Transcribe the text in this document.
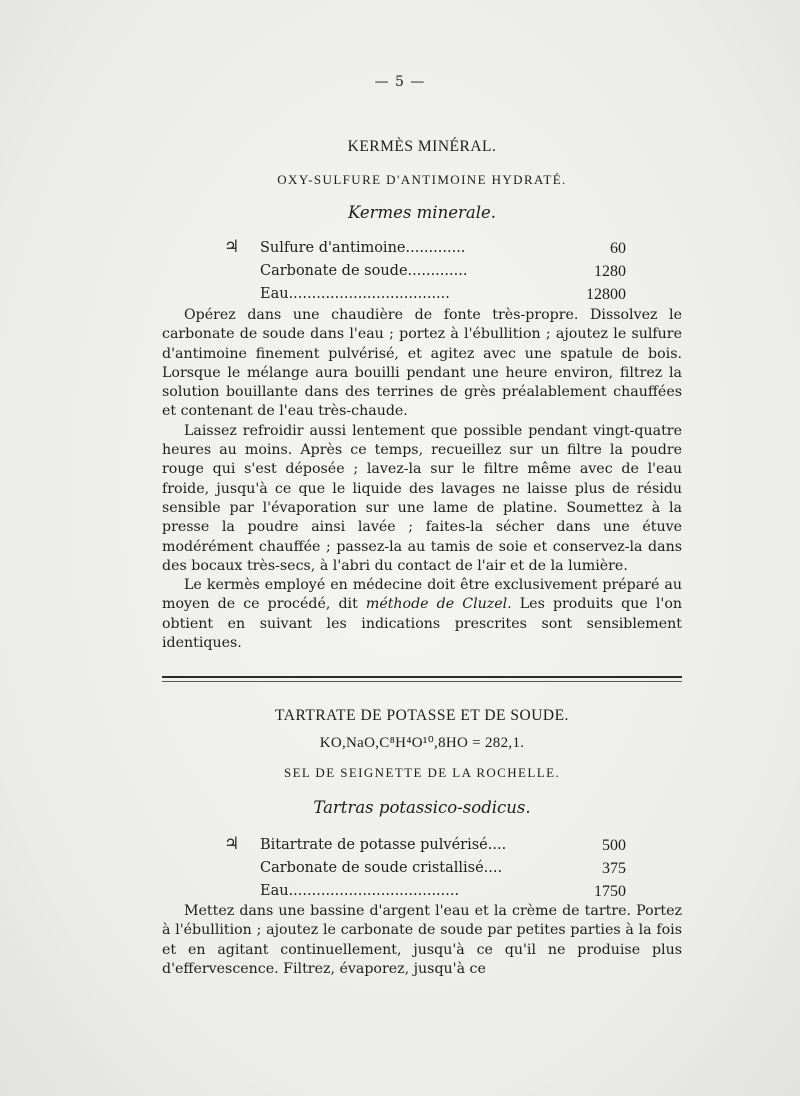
— 5 —
KERMÈS MINÉRAL.
OXY-SULFURE D'ANTIMOINE HYDRATÉ.
Kermes minerale.
♃ Sulfure d'antimoine.............	60
Carbonate de soude.............	1280
Eau...................................	12800

Opérez dans une chaudière de fonte très-propre. Dissolvez le carbonate de soude dans l'eau ; portez à l'ébullition ; ajoutez le sulfure d'antimoine finement pulvérisé, et agitez avec une spatule de bois. Lorsque le mélange aura bouilli pendant une heure environ, filtrez la solution bouillante dans des terrines de grès préalablement chauffées et contenant de l'eau très-chaude.

Laissez refroidir aussi lentement que possible pendant vingt-quatre heures au moins. Après ce temps, recueillez sur un filtre la poudre rouge qui s'est déposée ; lavez-la sur le filtre même avec de l'eau froide, jusqu'à ce que le liquide des lavages ne laisse plus de résidu sensible par l'évaporation sur une lame de platine. Soumettez à la presse la poudre ainsi lavée ; faites-la sécher dans une étuve modérément chauffée ; passez-la au tamis de soie et conservez-la dans des bocaux très-secs, à l'abri du contact de l'air et de la lumière.

Le kermès employé en médecine doit être exclusivement préparé au moyen de ce procédé, dit méthode de Cluzel. Les produits que l'on obtient en suivant les indications prescrites sont sensiblement identiques.

TARTRATE DE POTASSE ET DE SOUDE.
KO,NaO,C⁸H⁴O¹⁰,8HO = 282,1.
SEL DE SEIGNETTE DE LA ROCHELLE.
Tartras potassico-sodicus.
♃ Bitartrate de potasse pulvérisé....	500
Carbonate de soude cristallisé....	375
Eau.....................................	1750

Mettez dans une bassine d'argent l'eau et la crème de tartre. Portez à l'ébullition ; ajoutez le carbonate de soude par petites parties à la fois et en agitant continuellement, jusqu'à ce qu'il ne produise plus d'effervescence. Filtrez, évaporez, jusqu'à ce
